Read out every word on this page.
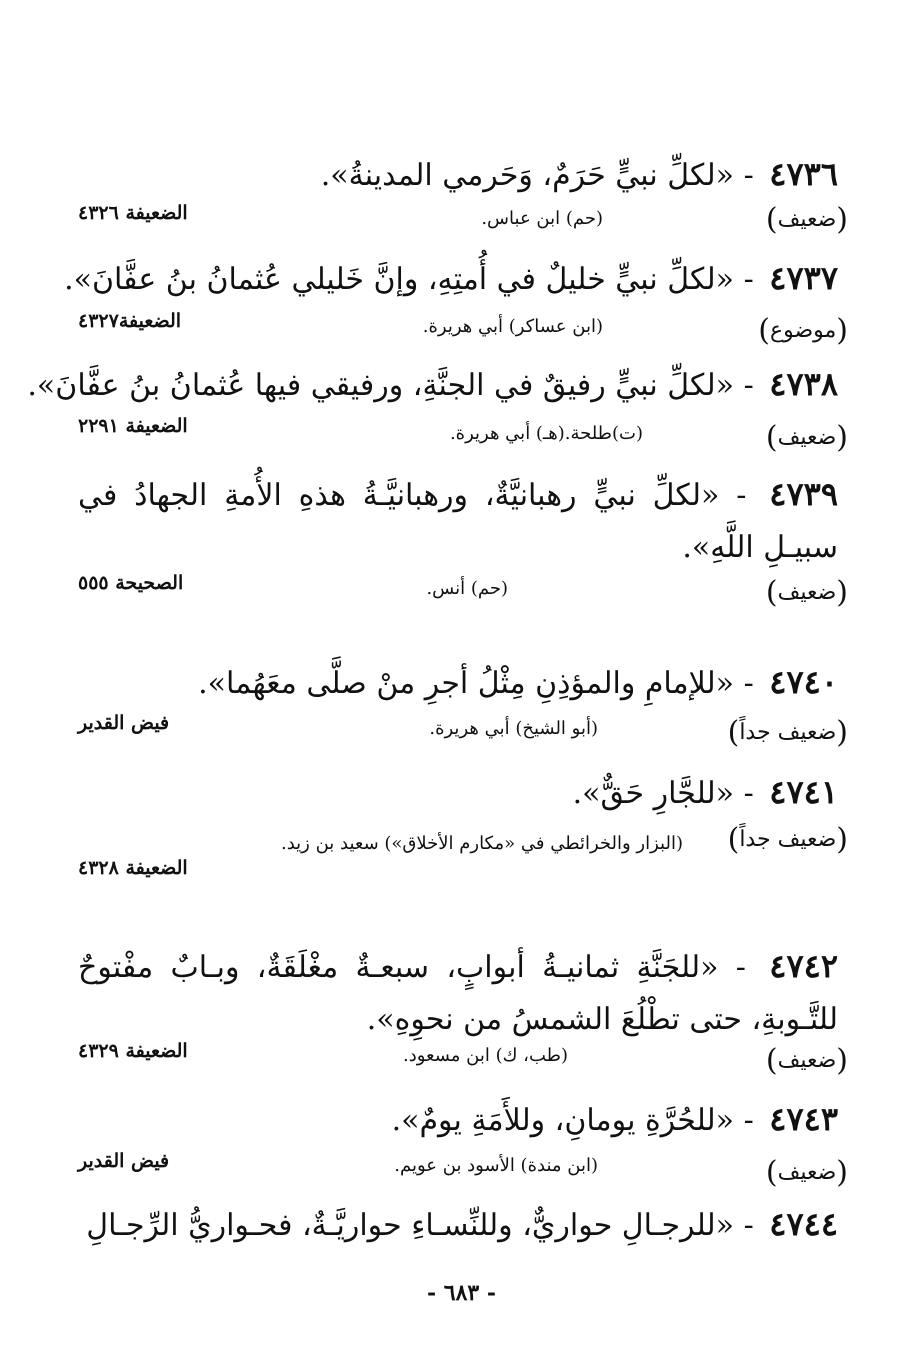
٤٧٣٦ - «لكلِّ نبيٍّ حَرَمٌ، وَحَرمي المدينةُ».
( ضعيف )
(حم) ابن عباس.
الضعيفة ٤٣٢٦
٤٧٣٧ - «لكلِّ نبيٍّ خليلٌ في أُمتِهِ، وإنَّ خَليلي عُثمانُ بنُ عفَّانَ».
( موضوع )
(ابن عساكر) أبي هريرة.
الضعيفة٤٣٢٧
٤٧٣٨ - «لكلِّ نبيٍّ رفيقٌ في الجنَّةِ، ورفيقي فيها عُثمانُ بنُ عفَّانَ».
( ضعيف )
(ت)طلحة.(هـ) أبي هريرة.
الضعيفة ٢٢٩١
٤٧٣٩ - «لكلِّ نبيٍّ رهبانيَّةٌ، ورهبانيَّـةُ هذهِ الأُمةِ الجهادُ في سبيـلِ اللَّهِ».
( ضعيف )
(حم) أنس.
الصحيحة ٥٥٥
٤٧٤٠ - «للإمامِ والمؤذِنِ مِثْلُ أجرِ منْ صلَّى معَهُما».
( ضعيف جداً )
(أبو الشيخ) أبي هريرة.
فيض القدير
٤٧٤١ - «للجَّارِ حَقٌّ».
( ضعيف جداً )
(البزار والخرائطي في «مكارم الأخلاق») سعيد بن زيد.
الضعيفة ٤٣٢٨
٤٧٤٢ - «للجَنَّةِ ثمانيـةُ أبوابٍ، سبعـةٌ مغْلَقَةٌ، وبـابٌ مفْتوحٌ للتَّـوبةِ، حتى تطْلُعَ الشمسُ من نحوِهِ».
( ضعيف )
(طب، ك) ابن مسعود.
الضعيفة ٤٣٢٩
٤٧٤٣ - «للحُرَّةِ يومانِ، وللأَمَةِ يومٌ».
( ضعيف )
(ابن مندة) الأسود بن عويم.
فيض القدير
٤٧٤٤ - «للرجـالِ حواريٌّ، وللنِّسـاءِ حواريَّـةٌ، فحـواريُّ الرِّجـالِ
- ٦٨٣ -
